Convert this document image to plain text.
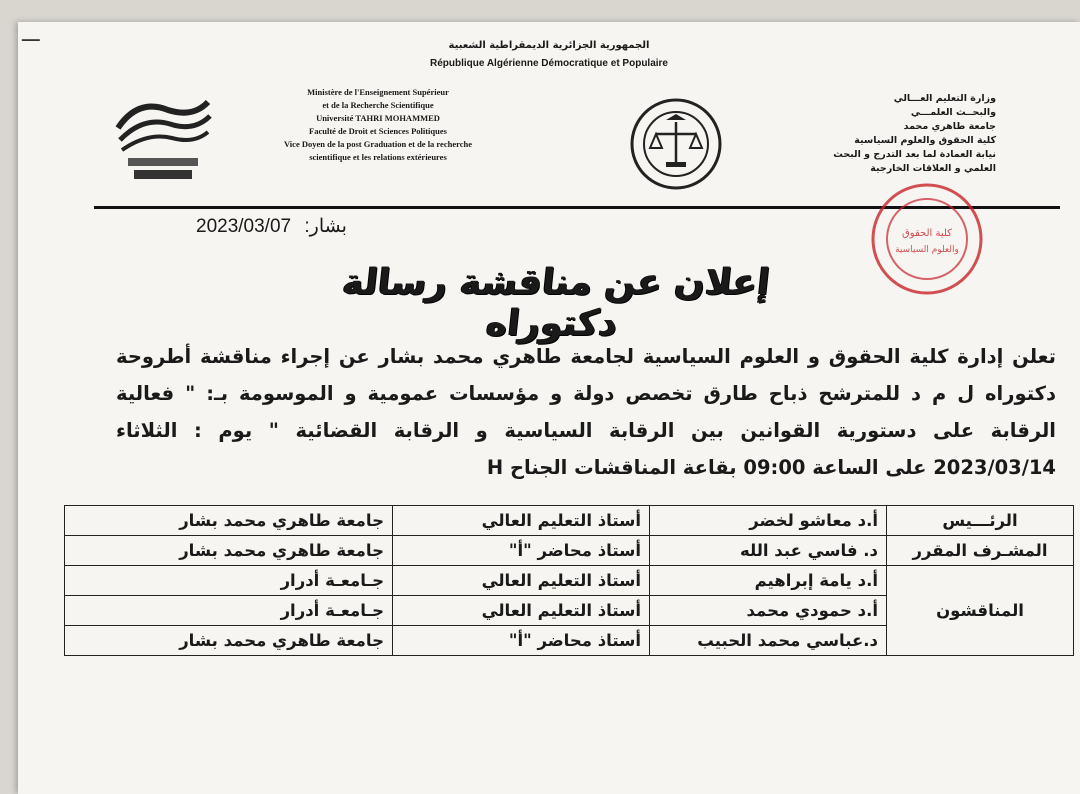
ـــ	الجمهورية الجزائرية الديمقراطية الشعبية
République Algérienne Démocratique et Populaire
Ministère de l'Enseignement Supérieur
et de la Recherche Scientifique
Université TAHRI MOHAMMED
Faculté de Droit et Sciences Politiques
Vice Doyen de la post Graduation et de la recherche
scientifique et les relations extérieures
وزارة التعليم العـــالي
والبحــث العلمـــي
جامعة طاهري محمد
كلية الحقوق والعلوم السياسية
نيابة العمادة لما بعد التدرج و البحث
العلمي و العلاقات الخارجية
كلية الحقوق
والعلوم السياسية
2023/03/07 بشار:
إعلان عن مناقشة رسالة دكتوراه
تعلن إدارة كلية الحقوق و العلوم السياسية لجامعة طاهري محمد بشار عن إجراء مناقشة أطروحة دكتوراه ل م د للمترشح ذباح طارق تخصص دولة و مؤسسات عمومية و الموسومة بـ: " فعالية الرقابة على دستورية القوانين بين الرقابة السياسية و الرقابة القضائية " يوم : الثلاثاء 2023/03/14 على الساعة 09:00 بقاعة المناقشات الجناح H
الرئـــيس	أ.د معاشو لخضر	أستاذ التعليم العالي	جامعة طاهري محمد بشار
المشـرف المقرر	د. فاسي عبد الله	أستاذ محاضر "أ"	جامعة طاهري محمد بشار
المناقشون	أ.د يامة إبراهيم	أستاذ التعليم العالي	جـامعـة أدرار
	أ.د حمودي محمد	أستاذ التعليم العالي	جـامعـة أدرار
	د.عباسي محمد الحبيب	أستاذ محاضر "أ"	جامعة طاهري محمد بشار
